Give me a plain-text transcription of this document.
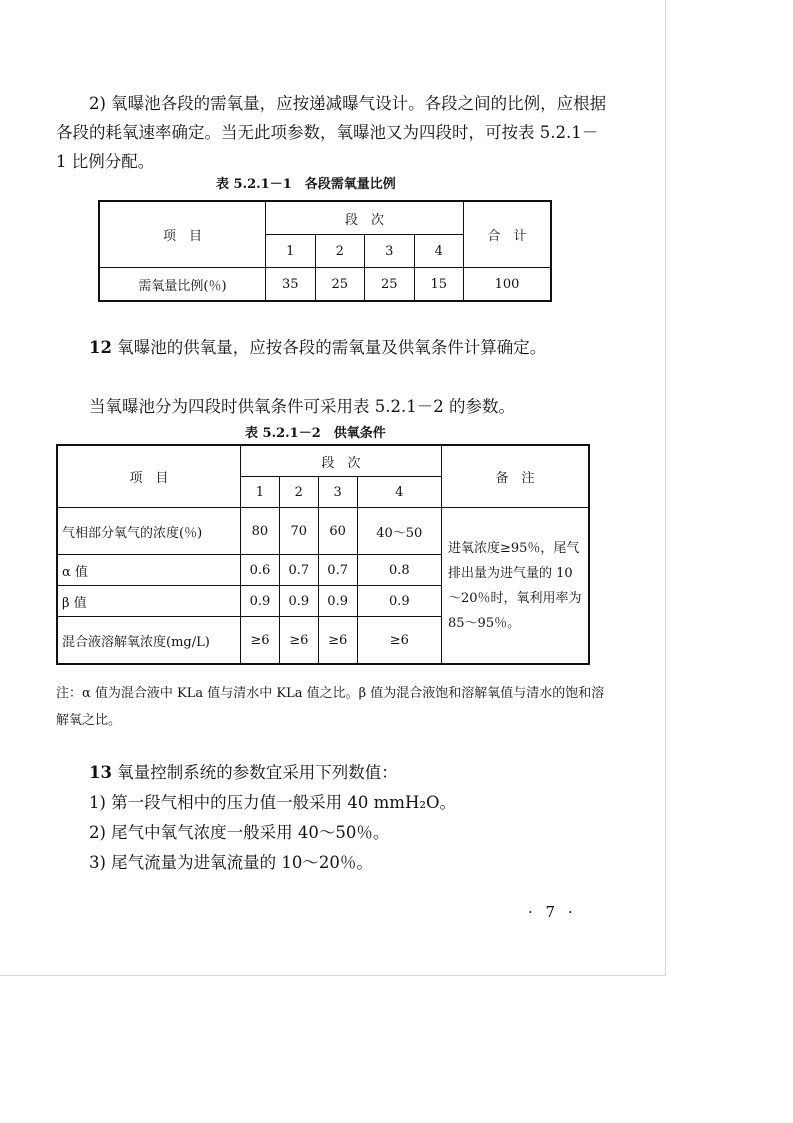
2) 氧曝池各段的需氧量，应按递减曝气设计。各段之间的比例，应根据各段的耗氧速率确定。当无此项参数，氧曝池又为四段时，可按表 5.2.1－1 比例分配。

表 5.2.1－1　各段需氧量比例

项　目	段　次				合　计
	1	2	3	4	
需氧量比例(％)	35	25	25	15	100

12 氧曝池的供氧量，应按各段的需氧量及供氧条件计算确定。

当氧曝池分为四段时供氧条件可采用表 5.2.1－2 的参数。

表 5.2.1－2　供氧条件

项　目	段　次				备　注
	1	2	3	4	
气相部分氧气的浓度(％)	80	70	60	40～50	进氧浓度≥95％，尾气排出量为进气量的 10～20％时，氧利用率为 85～95％。
α 值	0.6	0.7	0.7	0.8	
β 值	0.9	0.9	0.9	0.9	
混合液溶解氧浓度(mg/L)	≥6	≥6	≥6	≥6	

注：α 值为混合液中 KLa 值与清水中 KLa 值之比。β 值为混合液饱和溶解氧值与清水的饱和溶解氧之比。

13 氧量控制系统的参数宜采用下列数值：

1) 第一段气相中的压力值一般采用 40 mmH₂O。

2) 尾气中氧气浓度一般采用 40～50％。

3) 尾气流量为进氧流量的 10～20％。

· 7 ·
